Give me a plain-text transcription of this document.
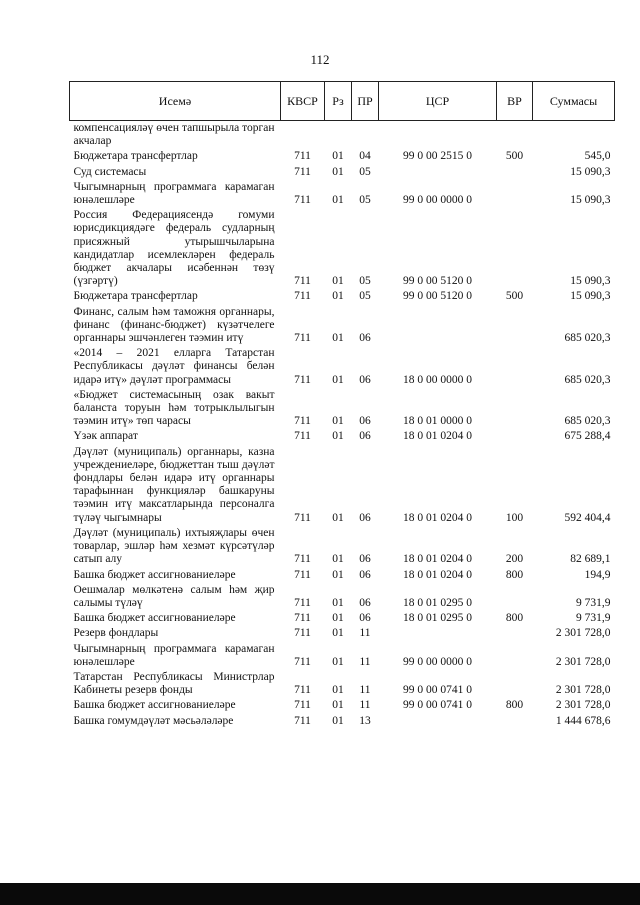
112
Исемә	КВСР	Рз	ПР	ЦСР	ВР	Суммасы
компенсацияләү өчен тапшырыла торган акчалар						
Бюджетара трансфертлар	711	01	04	99 0 00 2515 0	500	545,0
Суд системасы	711	01	05			15 090,3
Чыгымнарның программага карамаган юнәлешләре	711	01	05	99 0 00 0000 0		15 090,3
Россия Федерациясендә гомуми юрисдикциядәге федераль судларның присяжный утырышчыларына кандидатлар исемлекләрен федераль бюджет акчалары исәбеннән төзү (үзгәртү)	711	01	05	99 0 00 5120 0		15 090,3
Бюджетара трансфертлар	711	01	05	99 0 00 5120 0	500	15 090,3
Финанс, салым һәм таможня органнары, финанс (финанс-бюджет) күзәтчелеге органнары эшчәнлеген тәэмин итү	711	01	06			685 020,3
«2014 – 2021 елларга Татарстан Республикасы дәүләт финансы белән идарә итү» дәүләт программасы	711	01	06	18 0 00 0000 0		685 020,3
«Бюджет системасының озак вакыт баланста торуын һәм тотрыклылыгын тәэмин итү» төп чарасы	711	01	06	18 0 01 0000 0		685 020,3
Үзәк аппарат	711	01	06	18 0 01 0204 0		675 288,4
Дәүләт (муниципаль) органнары, казна учреждениеләре, бюджеттан тыш дәүләт фондлары белән идарә итү органнары тарафыннан функцияләр башкаруны тәэмин итү максатларында персоналга түләү чыгымнары	711	01	06	18 0 01 0204 0	100	592 404,4
Дәүләт (муниципаль) ихтыяҗлары өчен товарлар, эшләр һәм хезмәт күрсәтүләр сатып алу	711	01	06	18 0 01 0204 0	200	82 689,1
Башка бюджет ассигнованиеләре	711	01	06	18 0 01 0204 0	800	194,9
Оешмалар мөлкәтенә салым һәм җир салымы түләү	711	01	06	18 0 01 0295 0		9 731,9
Башка бюджет ассигнованиеләре	711	01	06	18 0 01 0295 0	800	9 731,9
Резерв фондлары	711	01	11			2 301 728,0
Чыгымнарның программага карамаган юнәлешләре	711	01	11	99 0 00 0000 0		2 301 728,0
Татарстан Республикасы Министрлар Кабинеты резерв фонды	711	01	11	99 0 00 0741 0		2 301 728,0
Башка бюджет ассигнованиеләре	711	01	11	99 0 00 0741 0	800	2 301 728,0
Башка гомумдәүләт мәсьәләләре	711	01	13			1 444 678,6
